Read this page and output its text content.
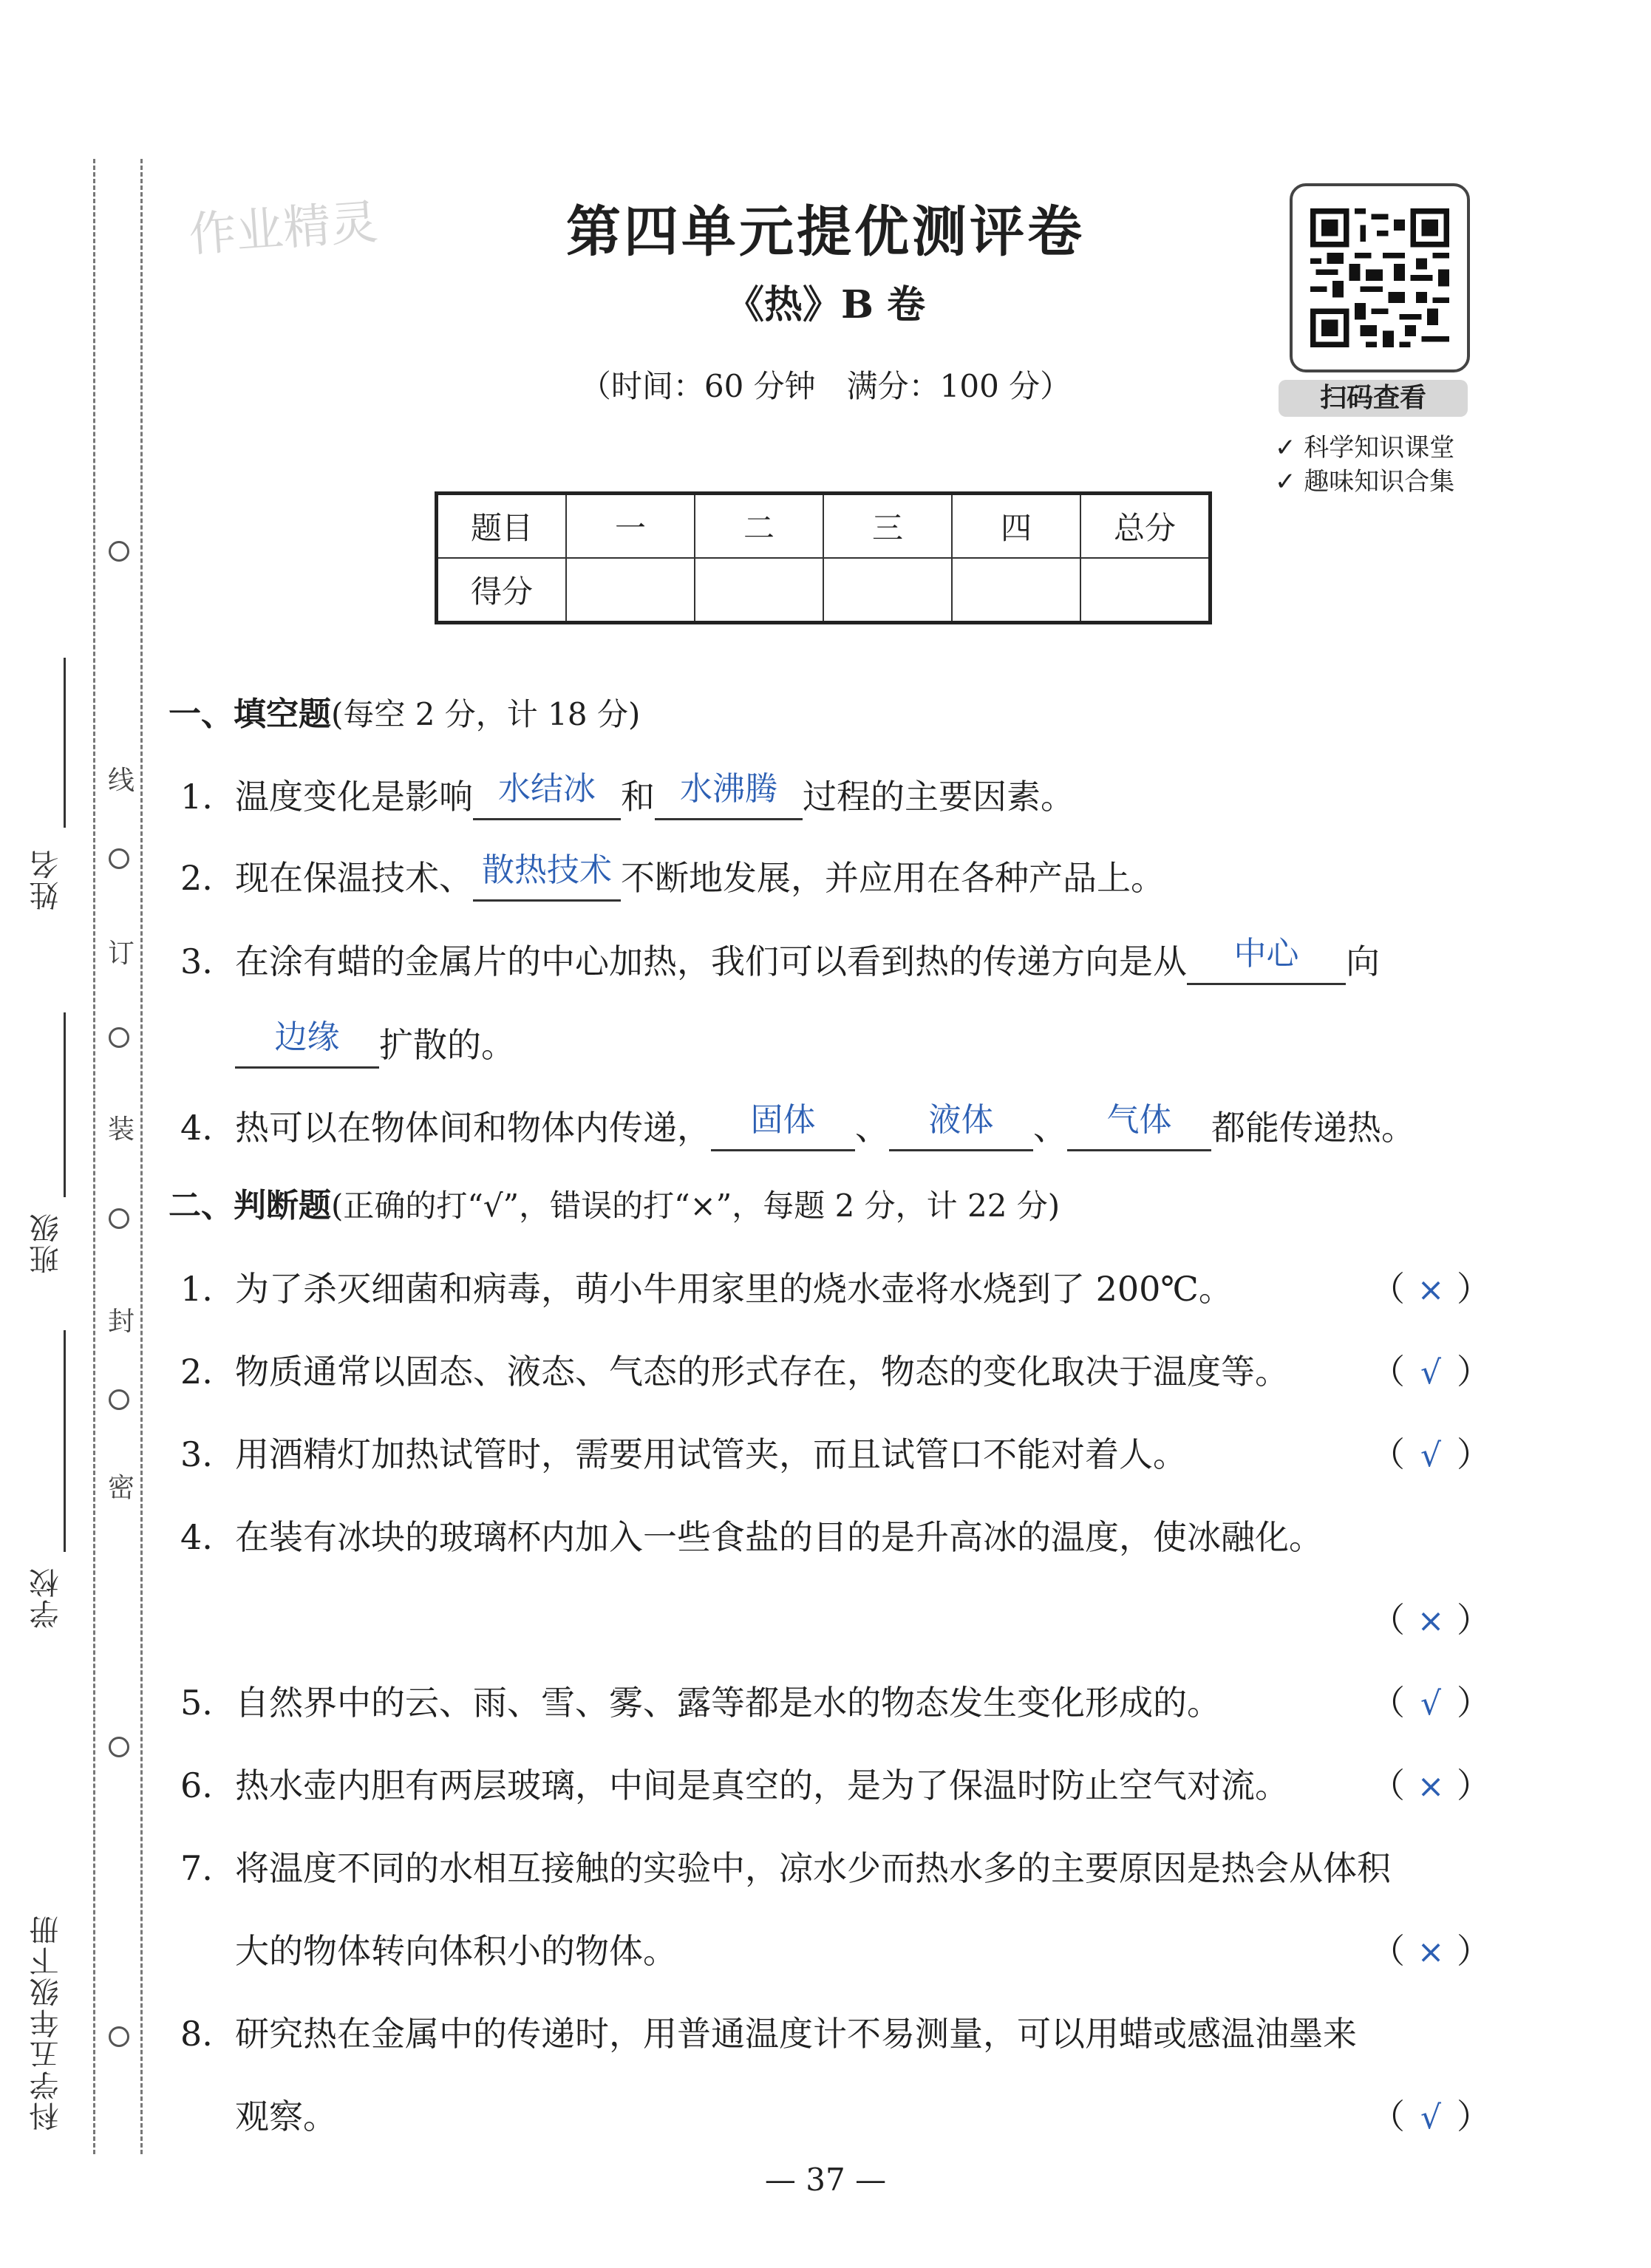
科学五年级下册
学校
班级
姓名
线
订
装
封
密
作业精灵	第四单元提优测评卷
《热》B 卷
（时间：60 分钟　满分：100 分）	扫码查看
✓ 科学知识课堂
✓ 趣味知识合集
题目	一	二	三	四	总分
得分					
一、填空题(每空 2 分，计 18 分)
1. 温度变化是影响 水结冰 和 水沸腾 过程的主要因素。
2. 现在保温技术、 散热技术 不断地发展，并应用在各种产品上。
3. 在涂有蜡的金属片的中心加热，我们可以看到热的传递方向是从 中心 向
边缘 扩散的。
4. 热可以在物体间和物体内传递， 固体 、 液体 、 气体 都能传递热。
二、判断题(正确的打“√”，错误的打“×”，每题 2 分，计 22 分)
1. 为了杀灭细菌和病毒，萌小牛用家里的烧水壶将水烧到了 200℃。	（ × ）
2. 物质通常以固态、液态、气态的形式存在，物态的变化取决于温度等。 （ √ ）
3. 用酒精灯加热试管时，需要用试管夹，而且试管口不能对着人。	（ √ ）
4. 在装有冰块的玻璃杯内加入一些食盐的目的是升高冰的温度，使冰融化。
（ × ）
5. 自然界中的云、雨、雪、雾、露等都是水的物态发生变化形成的。	（ √ ）
6. 热水壶内胆有两层玻璃，中间是真空的，是为了保温时防止空气对流。 （ × ）
7. 将温度不同的水相互接触的实验中，凉水少而热水多的主要原因是热会从体积
大的物体转向体积小的物体。	（ × ）
8. 研究热在金属中的传递时，用普通温度计不易测量，可以用蜡或感温油墨来
观察。	（ √ ）
— 37 —
